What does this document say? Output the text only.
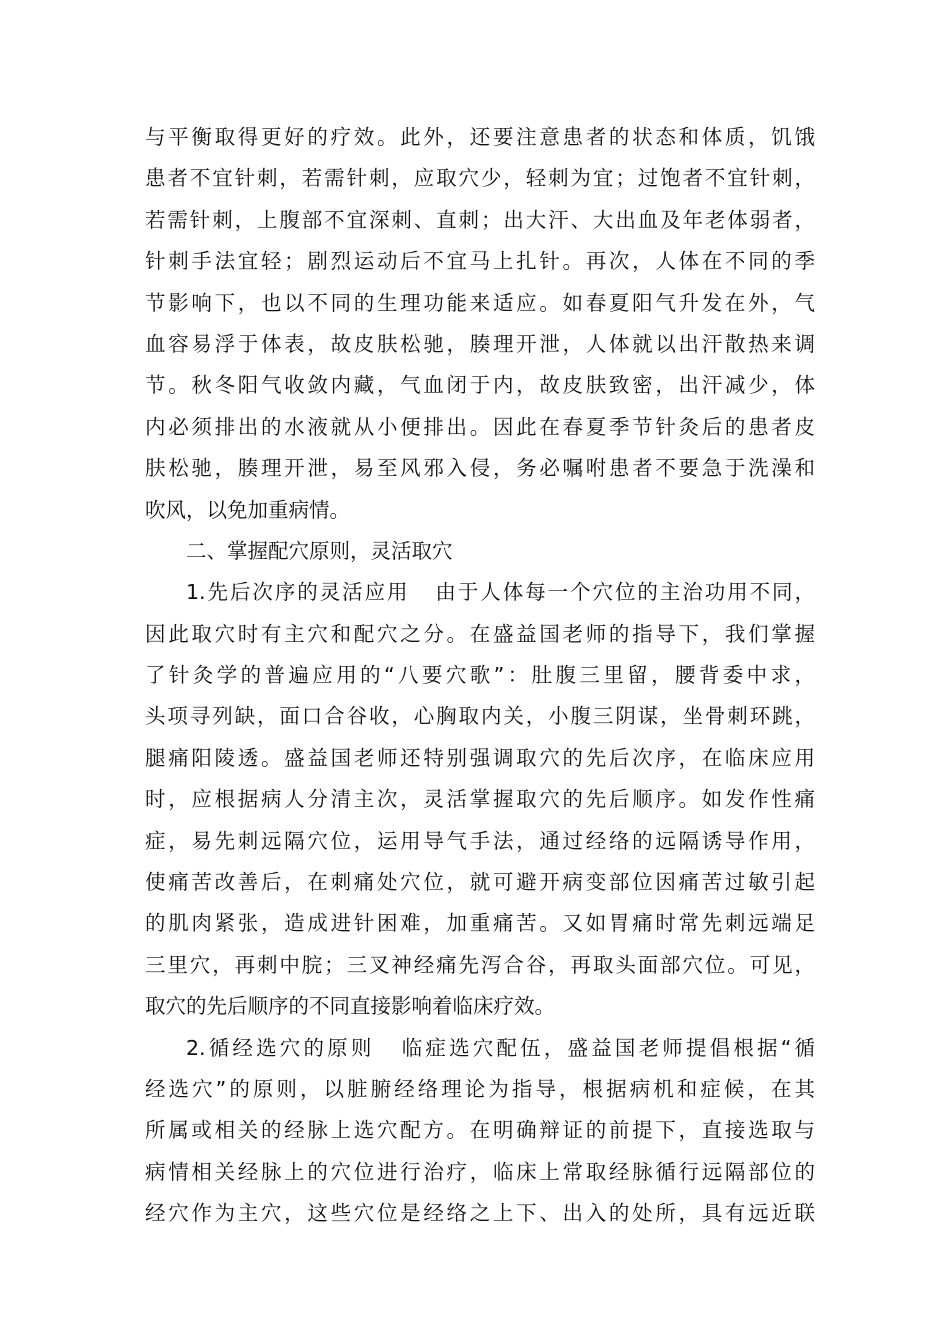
与平衡取得更好的疗效。此外，还要注意患者的状态和体质，饥饿
患者不宜针刺，若需针刺，应取穴少，轻刺为宜；过饱者不宜针刺，
若需针刺，上腹部不宜深刺、直刺；出大汗、大出血及年老体弱者，
针刺手法宜轻；剧烈运动后不宜马上扎针。再次，人体在不同的季
节影响下，也以不同的生理功能来适应。如春夏阳气升发在外，气
血容易浮于体表，故皮肤松驰，腠理开泄，人体就以出汗散热来调
节。秋冬阳气收敛内藏，气血闭于内，故皮肤致密，出汗减少，体
内必须排出的水液就从小便排出。因此在春夏季节针灸后的患者皮
肤松驰，腠理开泄，易至风邪入侵，务必嘱咐患者不要急于洗澡和
吹风，以免加重病情。
二、掌握配穴原则，灵活取穴
1.先后次序的灵活应用 由于人体每一个穴位的主治功用不同，
因此取穴时有主穴和配穴之分。在盛益国老师的指导下，我们掌握
了针灸学的普遍应用的“八要穴歌”：肚腹三里留，腰背委中求，
头项寻列缺，面口合谷收，心胸取内关，小腹三阴谋，坐骨刺环跳，
腿痛阳陵透。盛益国老师还特别强调取穴的先后次序，在临床应用
时，应根据病人分清主次，灵活掌握取穴的先后顺序。如发作性痛
症，易先刺远隔穴位，运用导气手法，通过经络的远隔诱导作用，
使痛苦改善后，在刺痛处穴位，就可避开病变部位因痛苦过敏引起
的肌肉紧张，造成进针困难，加重痛苦。又如胃痛时常先刺远端足
三里穴，再刺中脘；三叉神经痛先泻合谷，再取头面部穴位。可见，
取穴的先后顺序的不同直接影响着临床疗效。
2.循经选穴的原则 临症选穴配伍，盛益国老师提倡根据“循
经选穴”的原则，以脏腑经络理论为指导，根据病机和症候，在其
所属或相关的经脉上选穴配方。在明确辩证的前提下，直接选取与
病情相关经脉上的穴位进行治疗，临床上常取经脉循行远隔部位的
经穴作为主穴，这些穴位是经络之上下、出入的处所，具有远近联
